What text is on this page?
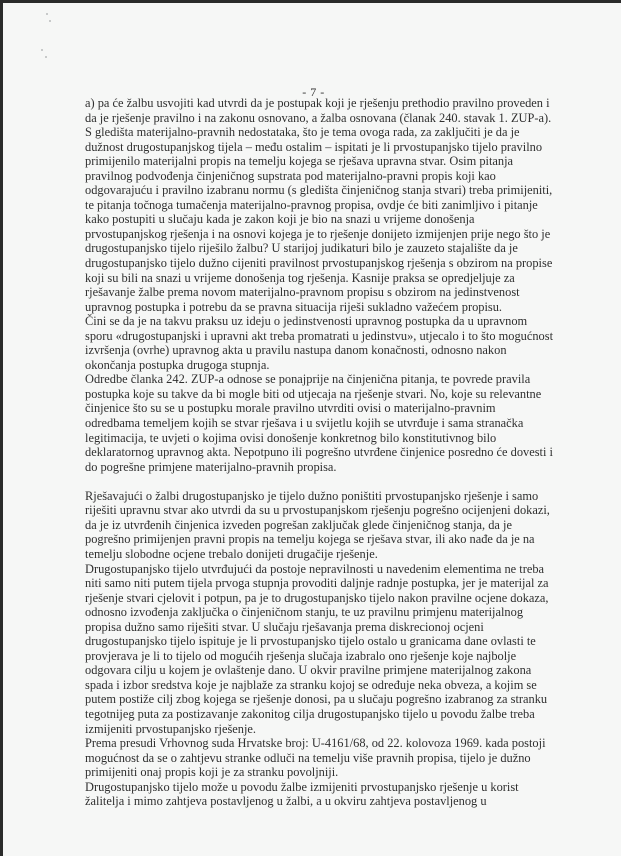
- 7 -
a) pa će žalbu usvojiti kad utvrdi da je postupak koji je rješenju prethodio pravilno proveden i
da je rješenje pravilno i na zakonu osnovano, a žalba osnovana (članak 240. stavak 1. ZUP-a).
S gledišta materijalno-pravnih nedostataka, što je tema ovoga rada, za zaključiti je da je
dužnost drugostupanjskog tijela – među ostalim – ispitati je li prvostupanjsko tijelo pravilno
primijenilo materijalni propis na temelju kojega se rješava upravna stvar. Osim pitanja
pravilnog podvođenja činjeničnog supstrata pod materijalno-pravni propis koji kao
odgovarajuću i pravilno izabranu normu (s gledišta činjeničnog stanja stvari) treba primijeniti,
te pitanja točnoga tumačenja materijalno-pravnog propisa, ovdje će biti zanimljivo i pitanje
kako postupiti u slučaju kada je zakon koji je bio na snazi u vrijeme donošenja
prvostupanjskog rješenja i na osnovi kojega je to rješenje donijeto izmijenjen prije nego što je
drugostupanjsko tijelo riješilo žalbu? U starijoj judikaturi bilo je zauzeto stajalište da je
drugostupanjsko tijelo dužno cijeniti pravilnost prvostupanjskog rješenja s obzirom na propise
koji su bili na snazi u vrijeme donošenja tog rješenja. Kasnije praksa se opredjeljuje za
rješavanje žalbe prema novom materijalno-pravnom propisu s obzirom na jedinstvenost
upravnog postupka i potrebu da se pravna situacija riješi sukladno važećem propisu.
Čini se da je na takvu praksu uz ideju o jedinstvenosti upravnog postupka da u upravnom
sporu «drugostupanjski i upravni akt treba promatrati u jedinstvu», utjecalo i to što mogućnost
izvršenja (ovrhe) upravnog akta u pravilu nastupa danom konačnosti, odnosno nakon
okončanja postupka drugoga stupnja.
Odredbe članka 242. ZUP-a odnose se ponajprije na činjenična pitanja, te povrede pravila
postupka koje su takve da bi mogle biti od utjecaja na rješenje stvari. No, koje su relevantne
činjenice što su se u postupku morale pravilno utvrditi ovisi o materijalno-pravnim
odredbama temeljem kojih se stvar rješava i u svijetlu kojih se utvrđuje i sama stranačka
legitimacija, te uvjeti o kojima ovisi donošenje konkretnog bilo konstitutivnog bilo
deklaratornog upravnog akta. Nepotpuno ili pogrešno utvrđene činjenice posredno će dovesti i
do pogrešne primjene materijalno-pravnih propisa.
Rješavajući o žalbi drugostupanjsko je tijelo dužno poništiti prvostupanjsko rješenje i samo
riješiti upravnu stvar ako utvrdi da su u prvostupanjskom rješenju pogrešno ocijenjeni dokazi,
da je iz utvrđenih činjenica izveden pogrešan zaključak glede činjeničnog stanja, da je
pogrešno primijenjen pravni propis na temelju kojega se rješava stvar, ili ako nađe da je na
temelju slobodne ocjene trebalo donijeti drugačije rješenje.
Drugostupanjsko tijelo utvrđujući da postoje nepravilnosti u navedenim elementima ne treba
niti samo niti putem tijela prvoga stupnja provoditi daljnje radnje postupka, jer je materijal za
rješenje stvari cjelovit i potpun, pa je to drugostupanjsko tijelo nakon pravilne ocjene dokaza,
odnosno izvođenja zaključka o činjeničnom stanju, te uz pravilnu primjenu materijalnog
propisa dužno samo riješiti stvar. U slučaju rješavanja prema diskrecionoj ocjeni
drugostupanjsko tijelo ispituje je li prvostupanjsko tijelo ostalo u granicama dane ovlasti te
provjerava je li to tijelo od mogućih rješenja slučaja izabralo ono rješenje koje najbolje
odgovara cilju u kojem je ovlaštenje dano. U okvir pravilne primjene materijalnog zakona
spada i izbor sredstva koje je najblaže za stranku kojoj se određuje neka obveza, a kojim se
putem postiže cilj zbog kojega se rješenje donosi, pa u slučaju pogrešno izabranog za stranku
tegotnijeg puta za postizavanje zakonitog cilja drugostupanjsko tijelo u povodu žalbe treba
izmijeniti prvostupanjsko rješenje.
Prema presudi Vrhovnog suda Hrvatske broj: U-4161/68, od 22. kolovoza 1969. kada postoji
mogućnost da se o zahtjevu stranke odluči na temelju više pravnih propisa, tijelo je dužno
primijeniti onaj propis koji je za stranku povoljniji.
Drugostupanjsko tijelo može u povodu žalbe izmijeniti prvostupanjsko rješenje u korist
žalitelja i mimo zahtjeva postavljenog u žalbi, a u okviru zahtjeva postavljenog u
